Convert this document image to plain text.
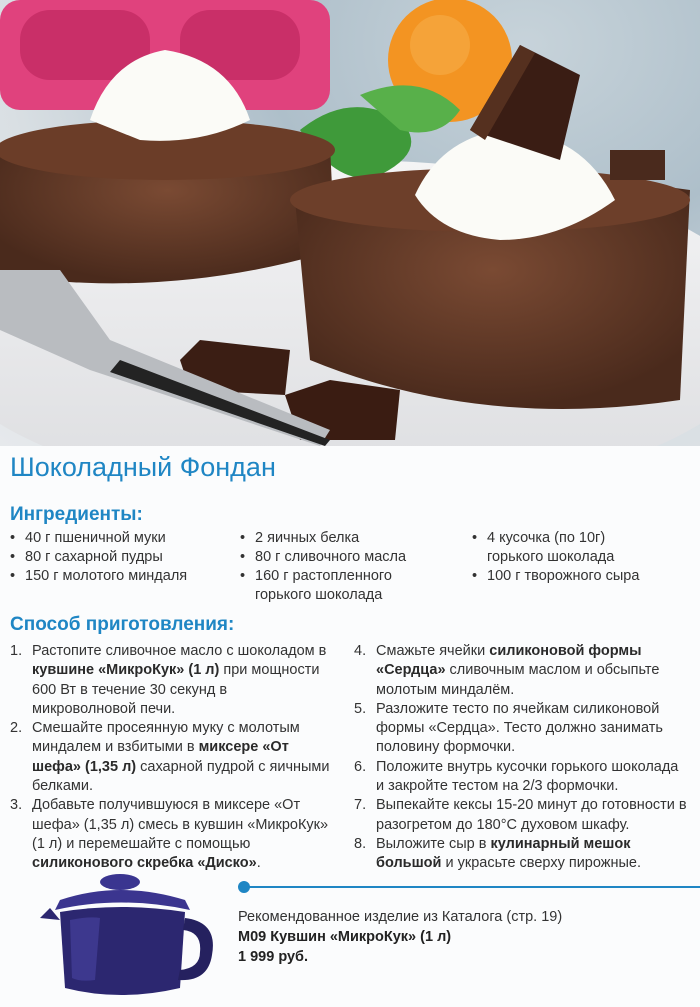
Шоколадный Фондан
Ингредиенты:
• 40 г пшеничной муки
• 80 г сахарной пудры
• 150 г молотого миндаля
• 2 яичных белка
• 80 г сливочного масла
• 160 г растопленного горького шоколада
• 4 кусочка (по 10г) горького шоколада
• 100 г творожного сыра
Способ приготовления:
1. Растопите сливочное масло с шоколадом в кувшине «МикроКук» (1 л) при мощности 600 Вт в течение 30 секунд в микроволновой печи.
2. Смешайте просеянную муку с молотым миндалем и взбитыми в миксере «От шефа» (1,35 л) сахарной пудрой с яичными белками.
3. Добавьте получившуюся в миксере «От шефа» (1,35 л) смесь в кувшин «МикроКук» (1 л) и перемешайте с помощью силиконового скребка «Диско».
4. Смажьте ячейки силиконовой формы «Сердца» сливочным маслом и обсыпьте молотым миндалём.
5. Разложите тесто по ячейкам силиконовой формы «Сердца». Тесто должно занимать половину формочки.
6. Положите внутрь кусочки горького шоколада и закройте тестом на 2/3 формочки.
7. Выпекайте кексы 15-20 минут до готовности в разогретом до 180°С духовом шкафу.
8. Выложите сыр в кулинарный мешок большой и украсьте сверху пирожные.
Рекомендованное изделие из Каталога (стр. 19)
М09 Кувшин «МикроКук» (1 л)
1 999 руб.
